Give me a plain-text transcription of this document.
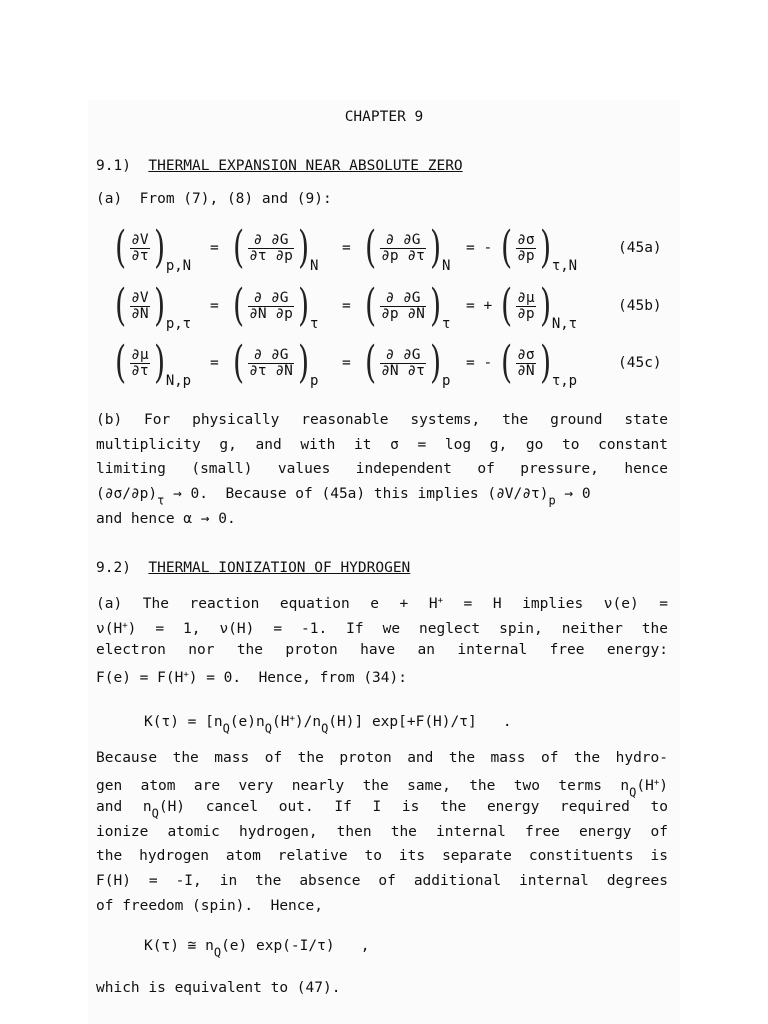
CHAPTER 9
9.1) THERMAL EXPANSION NEAR ABSOLUTE ZERO
(a)  From (7), (8) and (9):
( $\frac{\partial V}{\partial\tau}$ ) p,N
= ( $\frac{\partial \partial G}{\partial\tau \partial p}$ ) N
= ( $\frac{\partial \partial G}{\partial p \partial\tau}$ ) N
= - ( $\frac{\partial\sigma}{\partial p}$ ) τ,N
(45a)
( $\frac{\partial V}{\partial N}$ ) p,τ
= ( $\frac{\partial \partial G}{\partial N \partial p}$ ) τ
= ( $\frac{\partial \partial G}{\partial p \partial N}$ ) τ
= + ( $\frac{\partial\mu}{\partial p}$ ) N,τ
(45b)
( $\frac{\partial\mu}{\partial\tau}$ ) N,p
= ( $\frac{\partial \partial G}{\partial\tau \partial N}$ ) p
= ( $\frac{\partial \partial G}{\partial N \partial\tau}$ ) p
= - ( $\frac{\partial\sigma}{\partial N}$ ) τ,p
(45c)
(b) For physically reasonable systems, the ground state
multiplicity g, and with it σ = log g, go to constant
limiting (small) values independent of pressure, hence
$(\partial\sigma/\partial p)_\tau \to 0$.  Because of (45a) this implies $(\partial V/\partial\tau)_p \to 0$
and hence α → 0.
9.2) THERMAL IONIZATION OF HYDROGEN
(a) The reaction equation e + H+ = H implies ν(e) =
ν(H+) = 1, ν(H) = -1. If we neglect spin, neither the
electron nor the proton have an internal free energy:
F(e) = F(H+) = 0.  Hence, from (34):
$K(\tau) = [n_Q(e)n_Q(H^+)/n_Q(H)]$ exp[+F(H)/τ]   .
Because the mass of the proton and the mass of the hydro-
gen atom are very nearly the same, the two terms $n_Q(H^+)$
and $n_Q(H)$ cancel out. If I is the energy required to
ionize atomic hydrogen, then the internal free energy of
the hydrogen atom relative to its separate constituents is
F(H) = -I, in the absence of additional internal degrees
of freedom (spin).  Hence,
K(τ) ≅ $n_Q(e)$ exp(-I/τ)   ,
which is equivalent to (47).
